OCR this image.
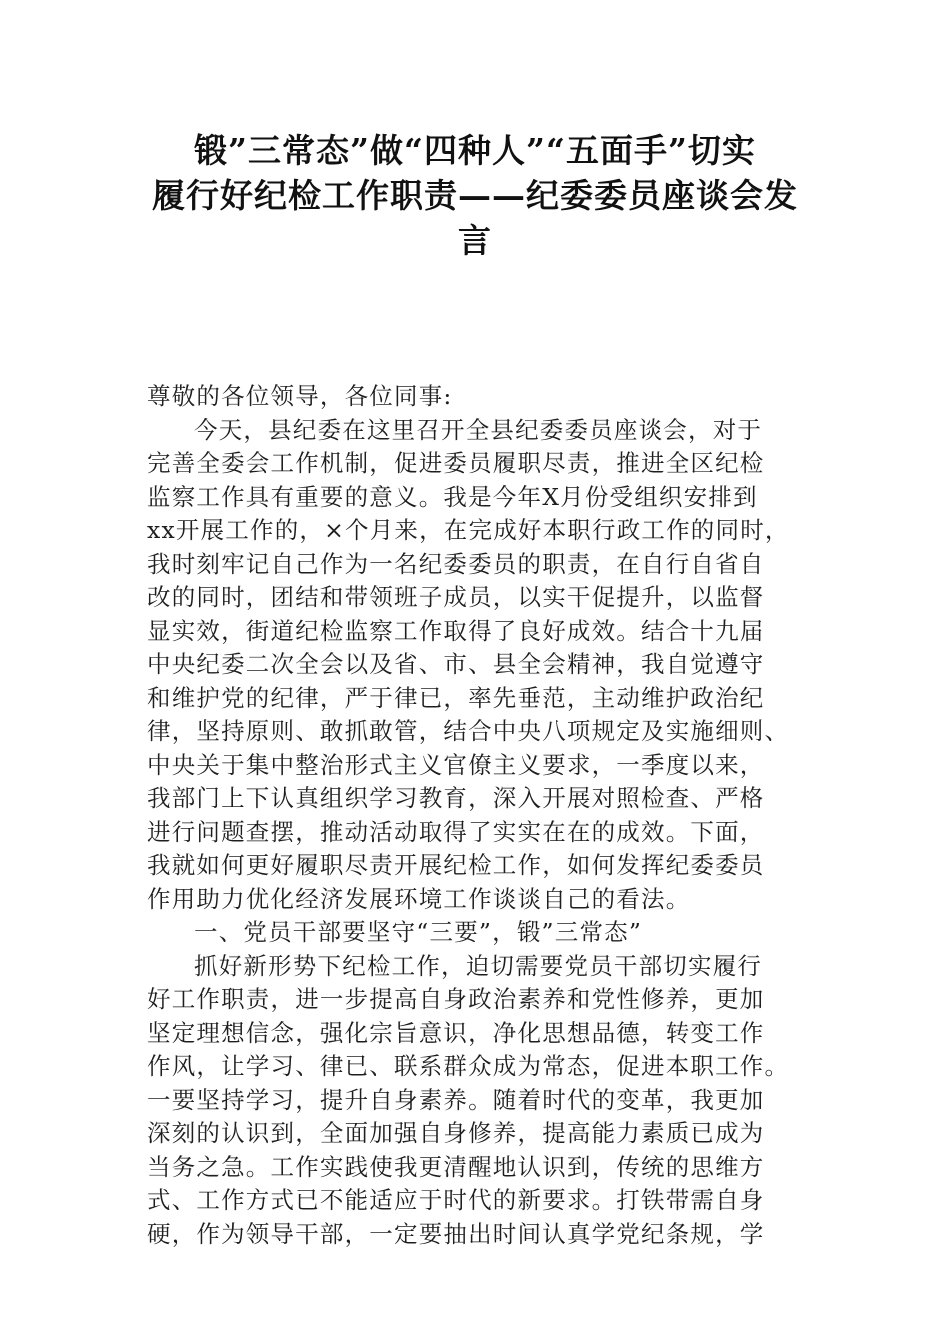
锻”三常态”做“四种人”“五面手”切实
履行好纪检工作职责——纪委委员座谈会发
言
尊敬的各位领导，各位同事:
今天，县纪委在这里召开全县纪委委员座谈会，对于
完善全委会工作机制，促进委员履职尽责，推进全区纪检
监察工作具有重要的意义。我是今年X月份受组织安排到
xx开展工作的，×个月来，在完成好本职行政工作的同时，
我时刻牢记自己作为一名纪委委员的职责，在自行自省自
改的同时，团结和带领班子成员，以实干促提升，以监督
显实效，街道纪检监察工作取得了良好成效。结合十九届
中央纪委二次全会以及省、市、县全会精神，我自觉遵守
和维护党的纪律，严于律已，率先垂范，主动维护政治纪
律，坚持原则、敢抓敢管，结合中央八项规定及实施细则、
中央关于集中整治形式主义官僚主义要求，一季度以来，
我部门上下认真组织学习教育，深入开展对照检查、严格
进行问题查摆，推动活动取得了实实在在的成效。下面，
我就如何更好履职尽责开展纪检工作，如何发挥纪委委员
作用助力优化经济发展环境工作谈谈自己的看法。
一、党员干部要坚守“三要”，锻”三常态”
抓好新形势下纪检工作，迫切需要党员干部切实履行
好工作职责，进一步提高自身政治素养和党性修养，更加
坚定理想信念，强化宗旨意识，净化思想品德，转变工作
作风，让学习、律已、联系群众成为常态，促进本职工作。
一要坚持学习，提升自身素养。随着时代的变革，我更加
深刻的认识到，全面加强自身修养，提高能力素质已成为
当务之急。工作实践使我更清醒地认识到，传统的思维方
式、工作方式已不能适应于时代的新要求。打铁带需自身
硬，作为领导干部，一定要抽出时间认真学党纪条规，学
